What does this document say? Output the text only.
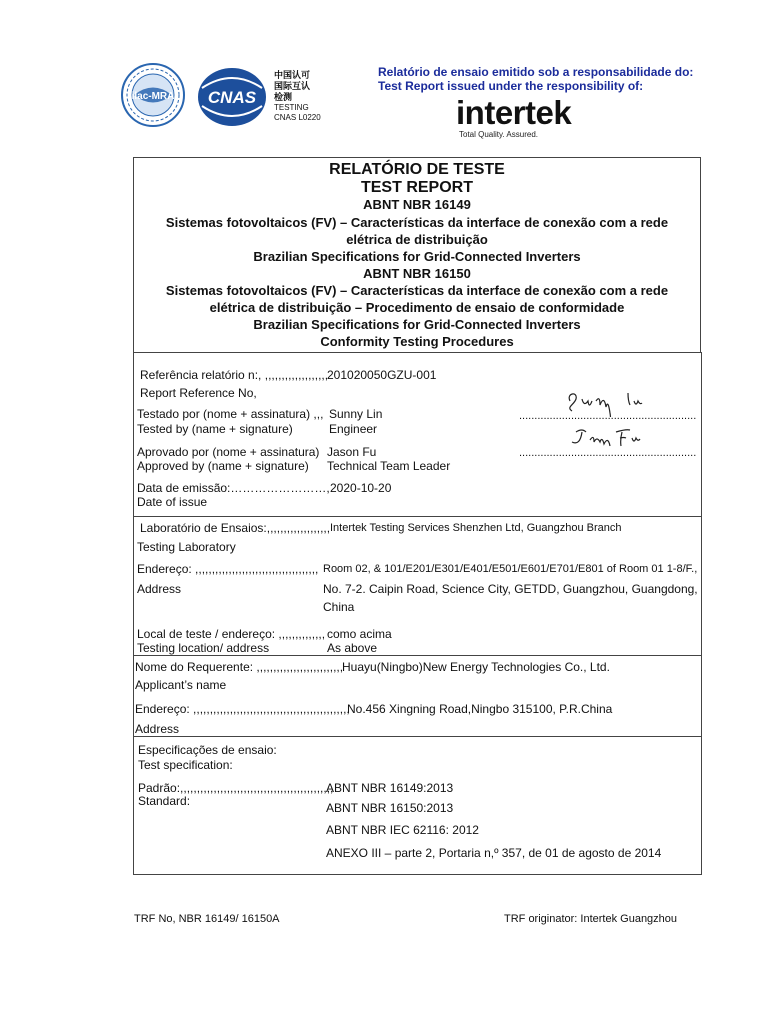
ilac-MRA CNAS
中国认可
国际互认
检测
TESTING
CNAS L0220
Relatório de ensaio emitido sob a responsabilidade do:
Test Report issued under the responsibility of:
intertek
Total Quality. Assured.
RELATÓRIO DE TESTE
TEST REPORT
ABNT NBR 16149
Sistemas fotovoltaicos (FV) – Características da interface de conexão com a rede
elétrica de distribuição
Brazilian Specifications for Grid-Connected Inverters
ABNT NBR 16150
Sistemas fotovoltaicos (FV) – Características da interface de conexão com a rede
elétrica de distribuição – Procedimento de ensaio de conformidade
Brazilian Specifications for Grid-Connected Inverters
Conformity Testing Procedures
Referência relatório n:, ,,,,,,,,,,,,,,,,,,,
201020050GZU-001
Report Reference No,
Testado por (nome + assinatura) ,,, Sunny Lin
Tested by (name + signature)	Engineer
..........................................................
Aprovado por (nome + assinatura) Jason Fu
Approved by (name + signature) Technical Team Leader
..........................................................
Data de emissão:……………………, 2020-10-20
Date of issue
Laboratório de Ensaios:,,,,,,,,,,,,,,,,,,, Intertek Testing Services Shenzhen Ltd, Guangzhou Branch
Testing Laboratory
Endereço: ,,,,,,,,,,,,,,,,,,,,,,,,,,,,,,,,,,,,, Room 02, & 101/E201/E301/E401/E501/E601/E701/E801 of Room 01 1-8/F.,
Address	No. 7-2. Caipin Road, Science City, GETDD, Guangzhou, Guangdong,
China
Local de teste / endereço: ,,,,,,,,,,,,,, como acima
Testing location/ address	As above
Nome do Requerente: ,,,,,,,,,,,,,,,,,,,,,,,,,,
Huayu(Ningbo)New Energy Technologies Co., Ltd.
Applicant’s name
Endereço: ,,,,,,,,,,,,,,,,,,,,,,,,,,,,,,,,,,,,,,,,,,,,,,,
No.456 Xingning Road,Ningbo 315100, P.R.China
Address
Especificações de ensaio:
Test specification:
Padrão:,,,,,,,,,,,,,,,,,,,,,,,,,,,,,,,,,,,,,,,,,,,,,,
Standard:
ABNT NBR 16149:2013
ABNT NBR 16150:2013
ABNT NBR IEC 62116: 2012
ANEXO III – parte 2, Portaria n,º 357, de 01 de agosto de 2014
TRF No, NBR 16149/ 16150A	TRF originator: Intertek Guangzhou
